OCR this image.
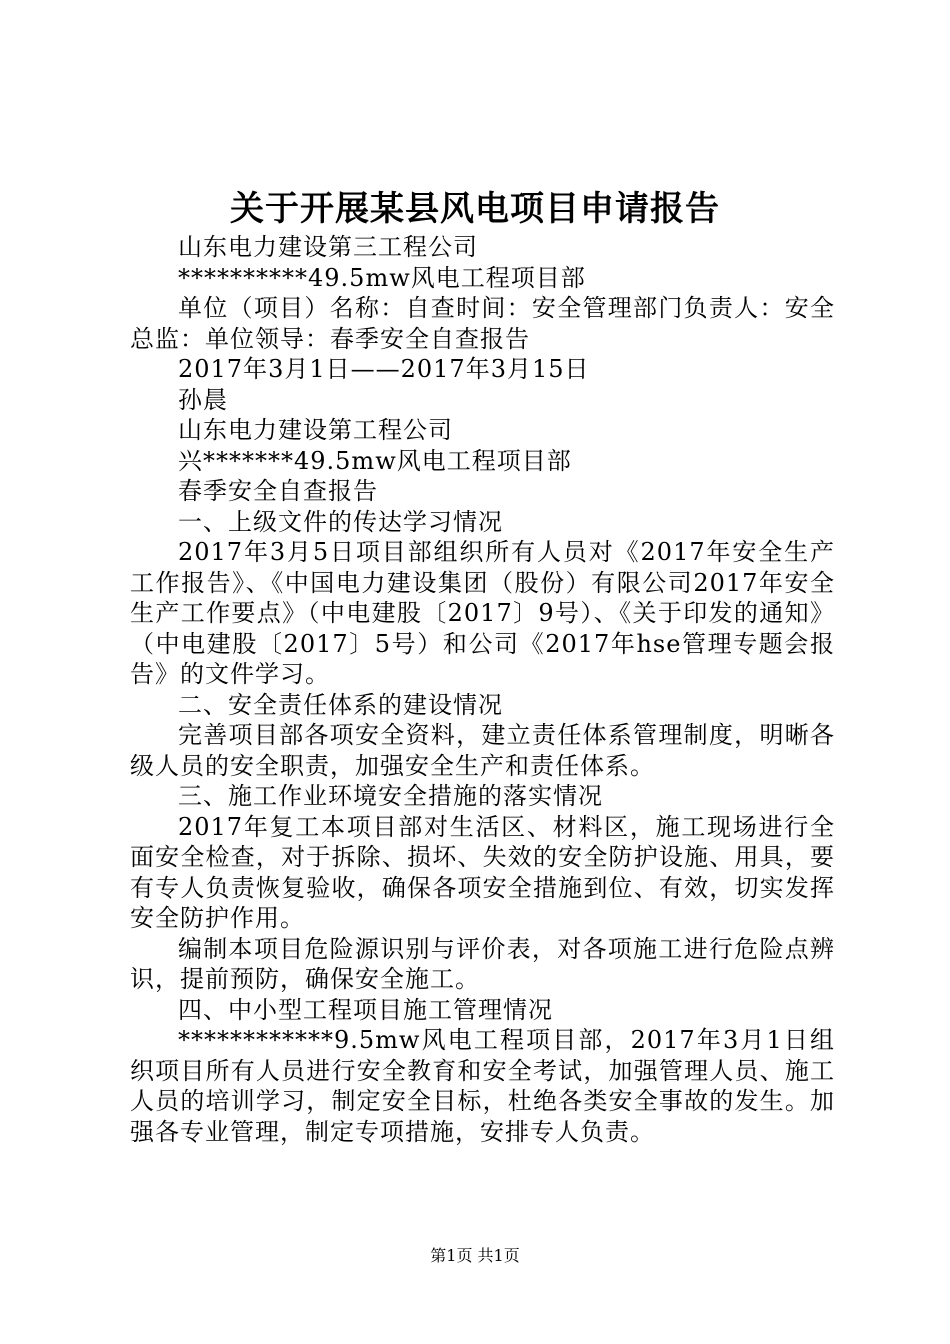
关于开展某县风电项目申请报告

山东电力建设第三工程公司

**********49.5mw风电工程项目部

单位（项目）名称：自查时间：安全管理部门负责人：安全总监：单位领导：春季安全自查报告

2017年3月1日——2017年3月15日

孙晨

山东电力建设第工程公司

兴*******49.5mw风电工程项目部

春季安全自查报告

一、上级文件的传达学习情况

2017年3月5日项目部组织所有人员对《2017年安全生产工作报告》、《中国电力建设集团（股份）有限公司2017年安全生产工作要点》（中电建股〔2017〕9号）、《关于印发的通知》（中电建股〔2017〕5号）和公司《2017年hse管理专题会报告》的文件学习。

二、安全责任体系的建设情况

完善项目部各项安全资料，建立责任体系管理制度，明晰各级人员的安全职责，加强安全生产和责任体系。

三、施工作业环境安全措施的落实情况

2017年复工本项目部对生活区、材料区，施工现场进行全面安全检查，对于拆除、损坏、失效的安全防护设施、用具，要有专人负责恢复验收，确保各项安全措施到位、有效，切实发挥安全防护作用。

编制本项目危险源识别与评价表，对各项施工进行危险点辨识，提前预防，确保安全施工。

四、中小型工程项目施工管理情况

************9.5mw风电工程项目部，2017年3月1日组织项目所有人员进行安全教育和安全考试，加强管理人员、施工人员的培训学习，制定安全目标，杜绝各类安全事故的发生。加强各专业管理，制定专项措施，安排专人负责。

第1页 共1页
